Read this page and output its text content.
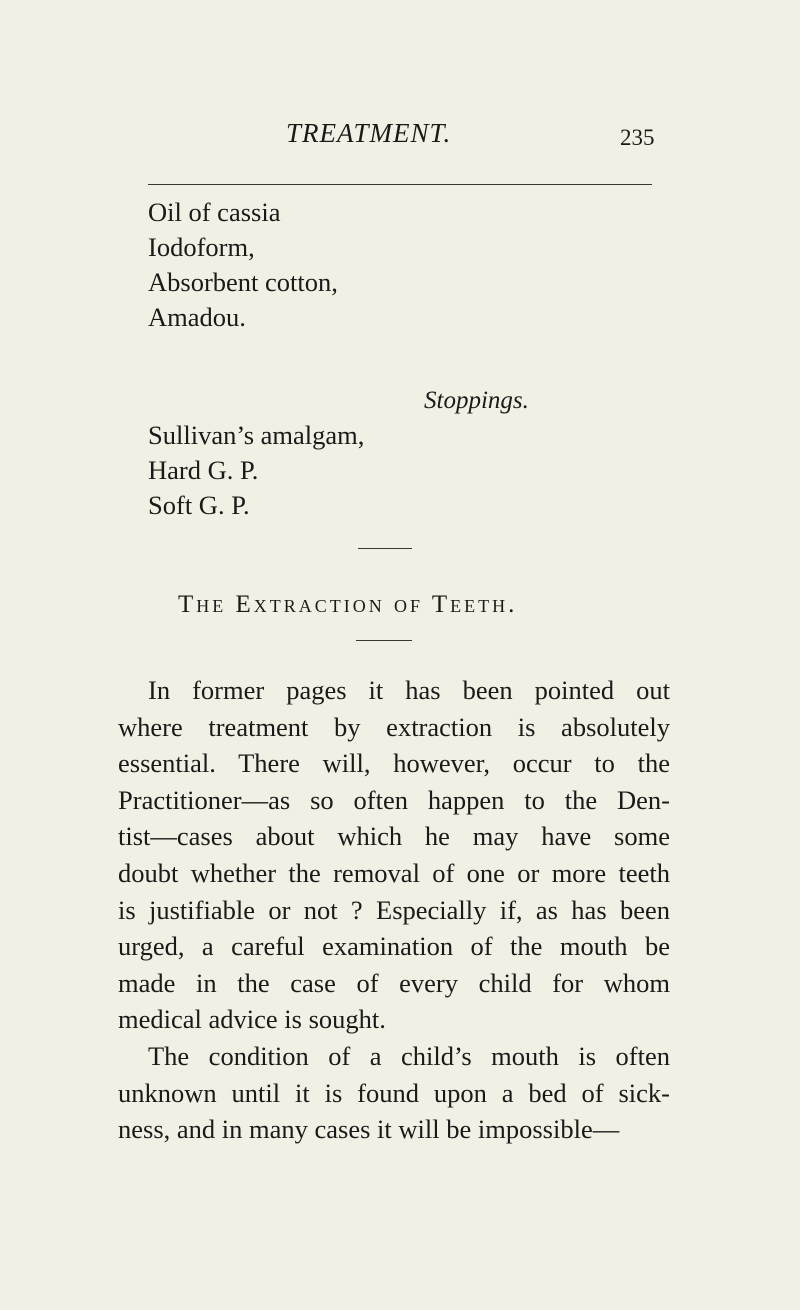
TREATMENT.	235
Oil of cassia
Iodoform,
Absorbent cotton,
Amadou.
Stoppings.
Sullivan’s amalgam,
Hard G. P.
Soft G. P.
The Extraction of Teeth.
In former pages it has been pointed out
where treatment by extraction is absolutely
essential. There will, however, occur to the
Practitioner—as so often happen to the Den-
tist—cases about which he may have some
doubt whether the removal of one or more teeth
is justifiable or not ? Especially if, as has been
urged, a careful examination of the mouth be
made in the case of every child for whom
medical advice is sought.
The condition of a child’s mouth is often
unknown until it is found upon a bed of sick-
ness, and in many cases it will be impossible—
